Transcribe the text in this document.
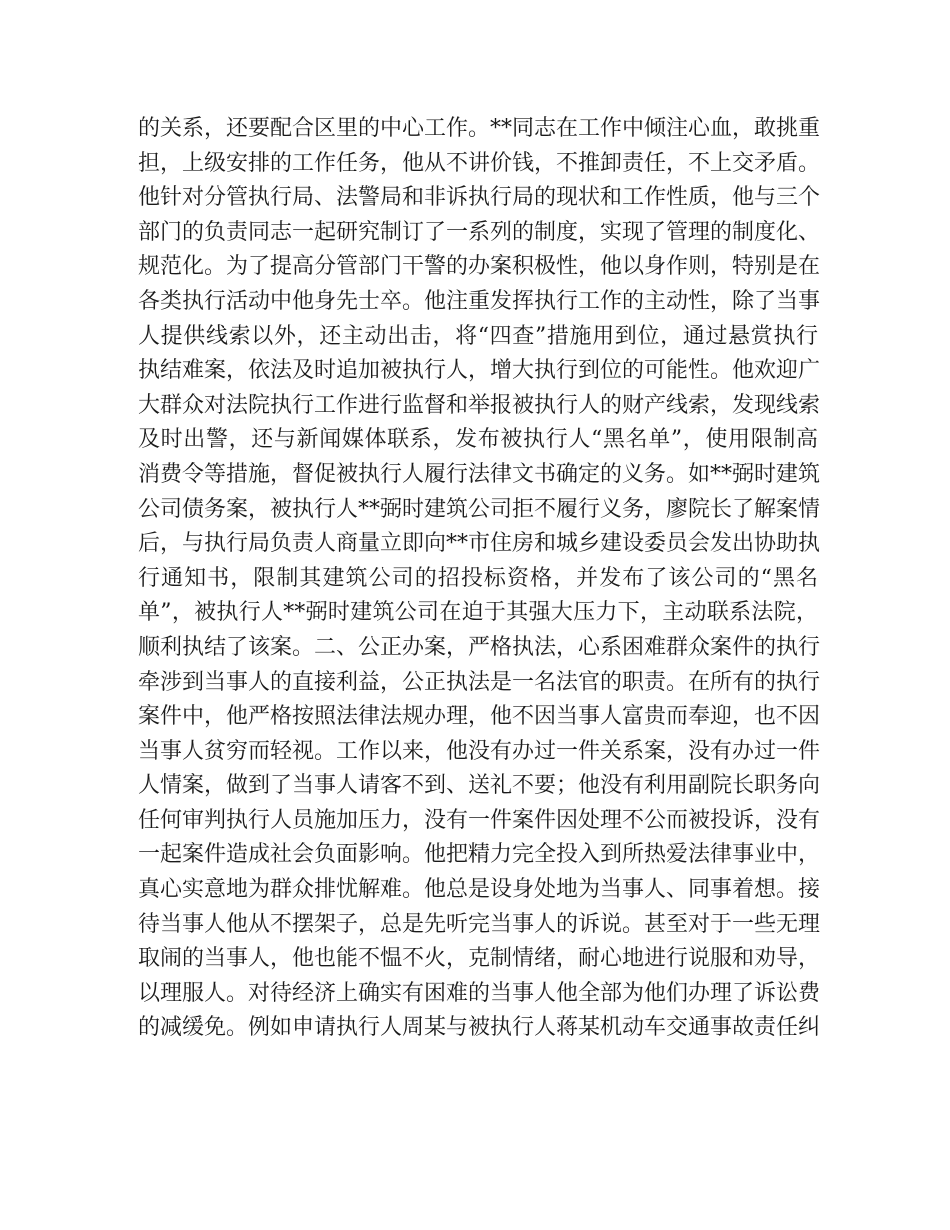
的关系，还要配合区里的中心工作。**同志在工作中倾注心血，敢挑重
担，上级安排的工作任务，他从不讲价钱，不推卸责任，不上交矛盾。
他针对分管执行局、法警局和非诉执行局的现状和工作性质，他与三个
部门的负责同志一起研究制订了一系列的制度，实现了管理的制度化、
规范化。为了提高分管部门干警的办案积极性，他以身作则，特别是在
各类执行活动中他身先士卒。他注重发挥执行工作的主动性，除了当事
人提供线索以外，还主动出击，将“四查”措施用到位，通过悬赏执行
执结难案，依法及时追加被执行人，增大执行到位的可能性。他欢迎广
大群众对法院执行工作进行监督和举报被执行人的财产线索，发现线索
及时出警，还与新闻媒体联系，发布被执行人“黑名单”，使用限制高
消费令等措施，督促被执行人履行法律文书确定的义务。如**弼时建筑
公司债务案，被执行人**弼时建筑公司拒不履行义务，廖院长了解案情
后，与执行局负责人商量立即向**市住房和城乡建设委员会发出协助执
行通知书，限制其建筑公司的招投标资格，并发布了该公司的“黑名
单”，被执行人**弼时建筑公司在迫于其强大压力下，主动联系法院，
顺利执结了该案。二、公正办案，严格执法，心系困难群众案件的执行
牵涉到当事人的直接利益，公正执法是一名法官的职责。在所有的执行
案件中，他严格按照法律法规办理，他不因当事人富贵而奉迎，也不因
当事人贫穷而轻视。工作以来，他没有办过一件关系案，没有办过一件
人情案，做到了当事人请客不到、送礼不要；他没有利用副院长职务向
任何审判执行人员施加压力，没有一件案件因处理不公而被投诉，没有
一起案件造成社会负面影响。他把精力完全投入到所热爱法律事业中，
真心实意地为群众排忧解难。他总是设身处地为当事人、同事着想。接
待当事人他从不摆架子，总是先听完当事人的诉说。甚至对于一些无理
取闹的当事人，他也能不愠不火，克制情绪，耐心地进行说服和劝导，
以理服人。对待经济上确实有困难的当事人他全部为他们办理了诉讼费
的减缓免。例如申请执行人周某与被执行人蒋某机动车交通事故责任纠
